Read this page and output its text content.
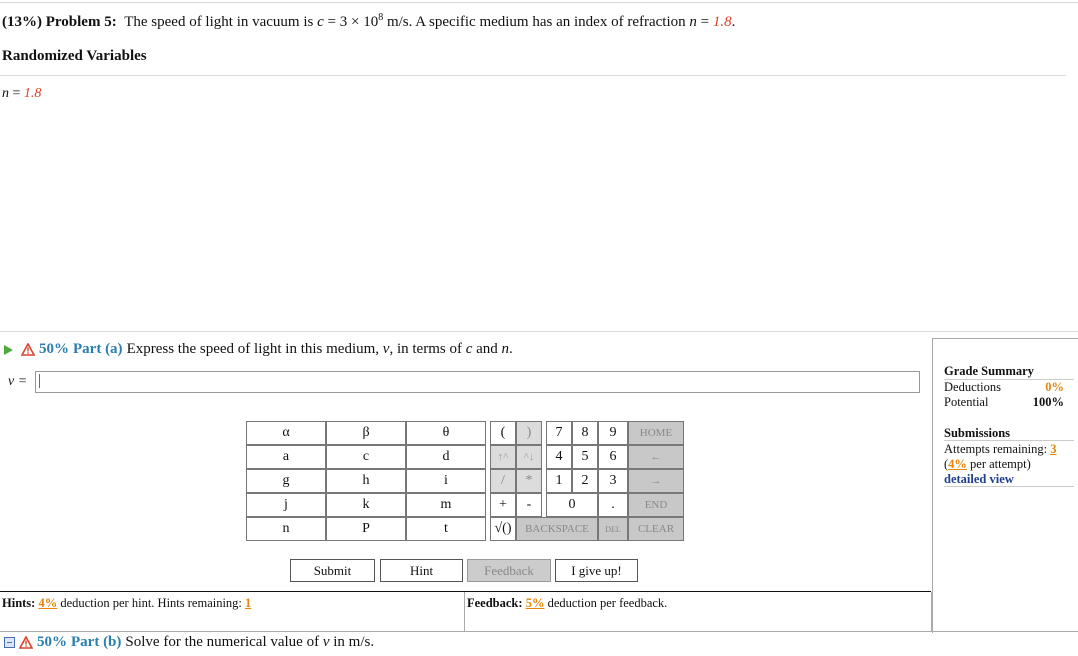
(13%) Problem 5: The speed of light in vacuum is $c = 3 \times 10^8$ m/s. A specific medium has an index of refraction n = 1.8.
Randomized Variables
n = 1.8
50% Part (a) Express the speed of light in this medium, v, in terms of c and n.
v =
α	β	θ
a	c	d
g	h	i
j	k	m
n	P	t
(	)
↑^	^↓
/	*
+	-
√()	BACKSPACE	DEL
7	8	9
4	5	6
1	2	3
0	.
HOME
←
→
END
CLEAR
Submit	Hint	Feedback	I give up!
Hints: 4% deduction per hint. Hints remaining: 1	Feedback: 5% deduction per feedback.
Grade Summary
Deductions	0%
Potential	100%
Submissions
Attempts remaining: 3
(4% per attempt)
detailed view
50% Part (b) Solve for the numerical value of v in m/s.
